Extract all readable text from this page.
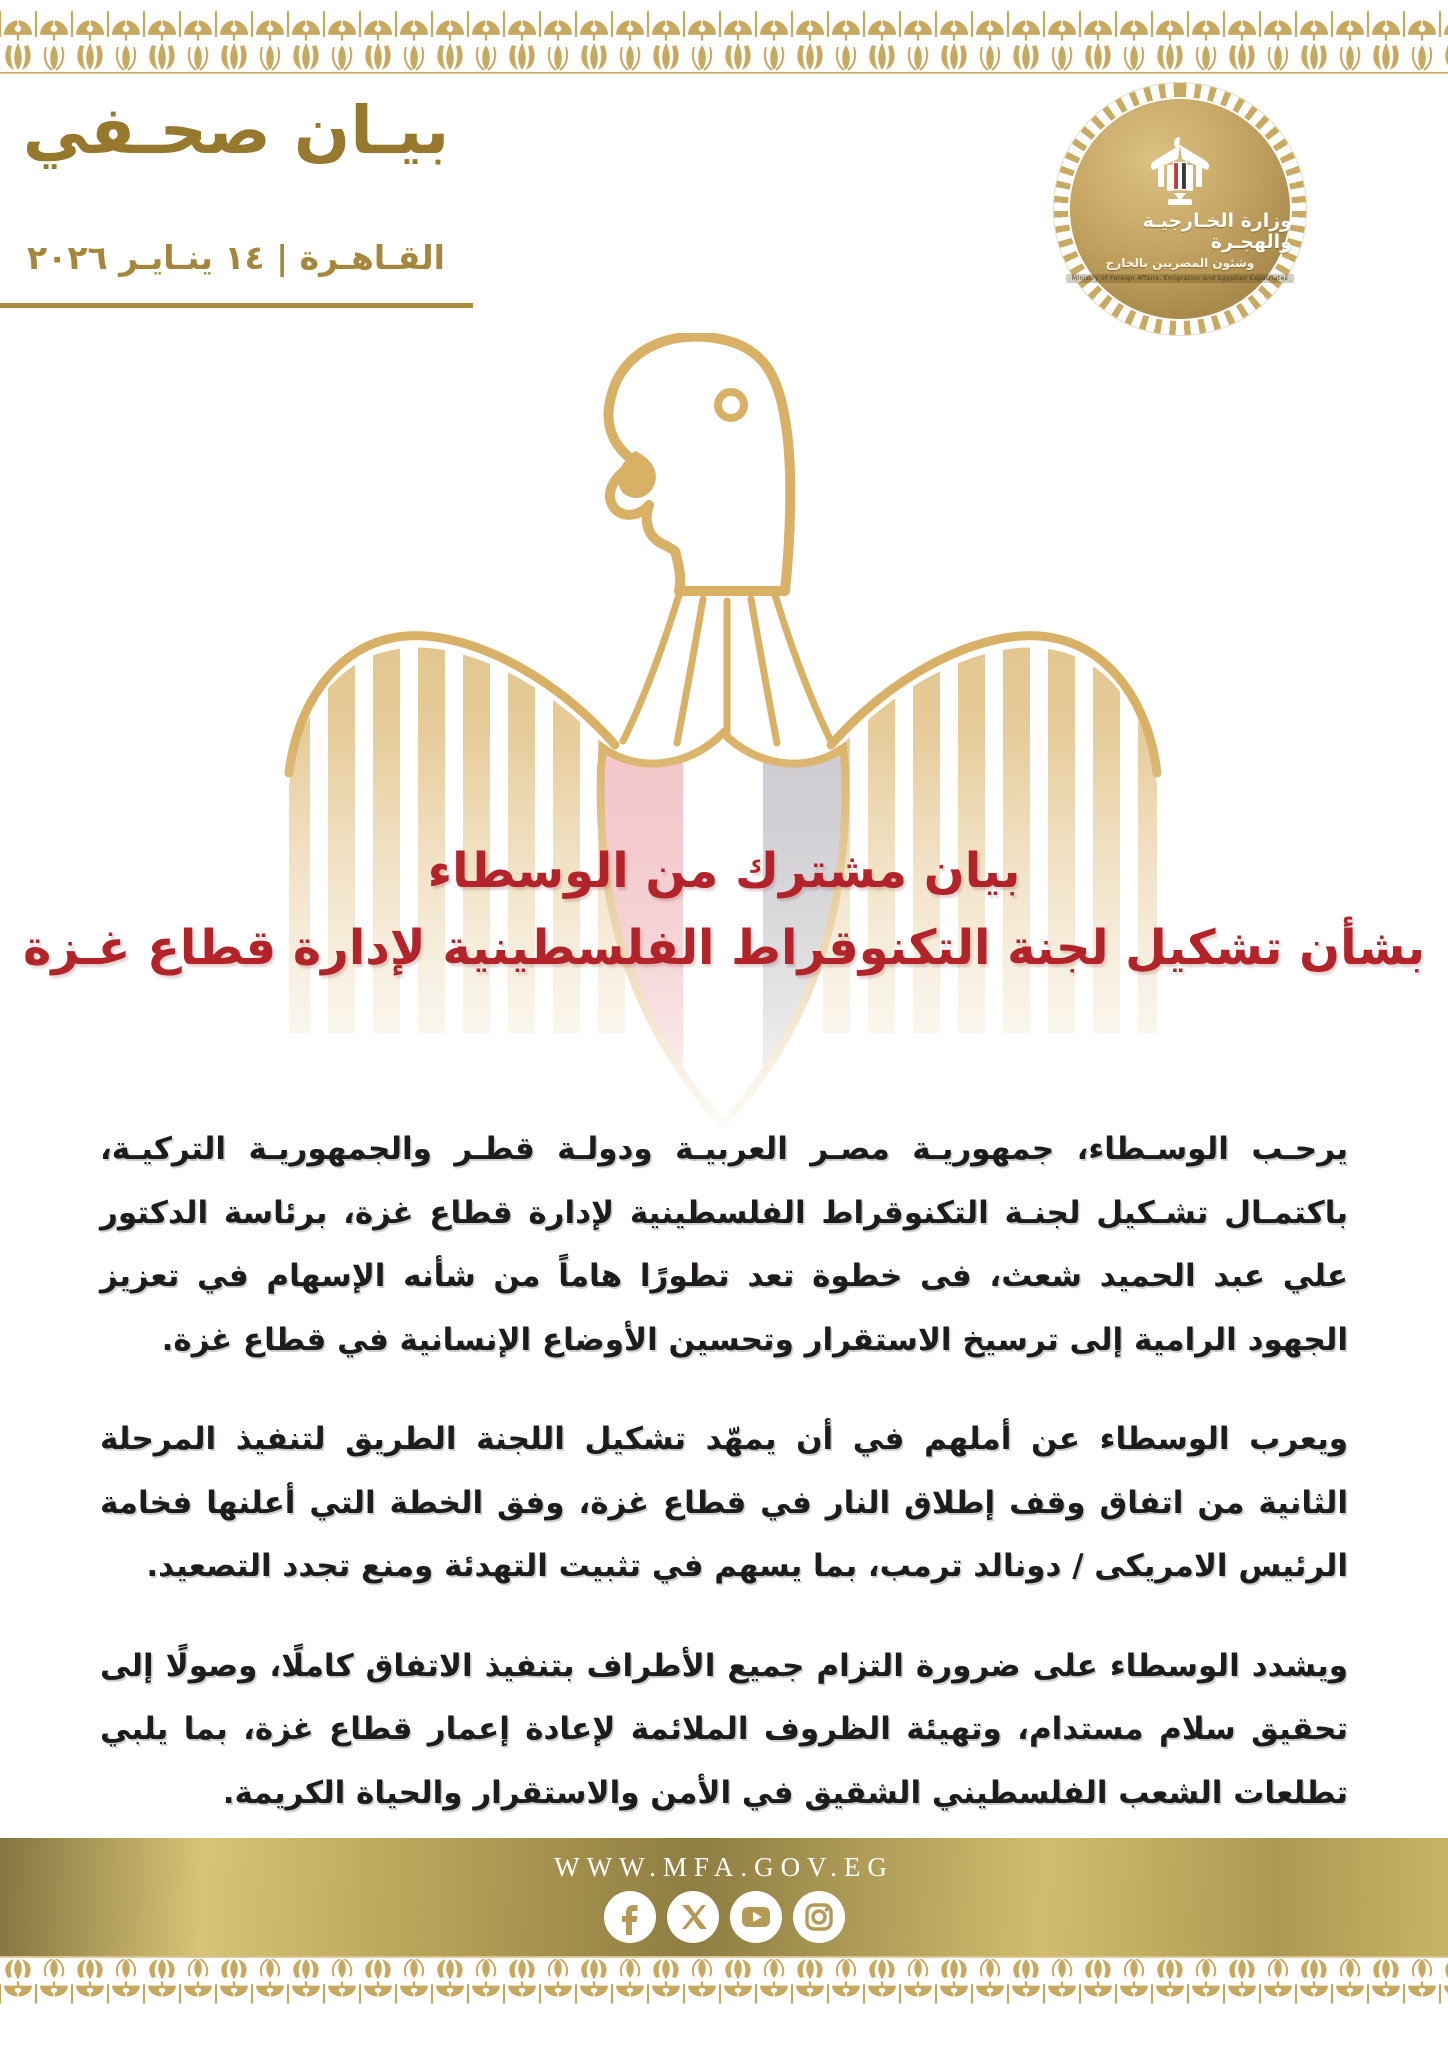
بيـان صحـفي
القـاهـرة | ١٤ ينـايـر ٢٠٢٦
وزارة الخـارجيـة والهجـرة
وشئون المصريين بالخارج
Ministry of Foreign Affairs, Emigration and Egyptian Expatriates
بيان مشترك من الوسطاء
بشأن تشكيل لجنة التكنوقراط الفلسطينية لإدارة قطاع غـزة

يرحـب الوسـطاء، جمهوريـة مصـر العربيـة ودولـة قطـر والجمهوريـة التركيـة، باكتمـال تشـكيل لجنـة التكنوقراط الفلسطينية لإدارة قطاع غزة، برئاسة الدكتور علي عبد الحميد شعث، فى خطوة تعد تطورًا هاماً من شأنه الإسهام في تعزيز الجهود الرامية إلى ترسيخ الاستقرار وتحسين الأوضاع الإنسانية في قطاع غزة.

ويعرب الوسطاء عن أملهم في أن يمهّد تشكيل اللجنة الطريق لتنفيذ المرحلة الثانية من اتفاق وقف إطلاق النار في قطاع غزة، وفق الخطة التي أعلنها فخامة الرئيس الامريكى / دونالد ترمب، بما يسهم في تثبيت التهدئة ومنع تجدد التصعيد.

ويشدد الوسطاء على ضرورة التزام جميع الأطراف بتنفيذ الاتفاق كاملًا، وصولًا إلى تحقيق سلام مستدام، وتهيئة الظروف الملائمة لإعادة إعمار قطاع غزة، بما يلبي تطلعات الشعب الفلسطيني الشقيق في الأمن والاستقرار والحياة الكريمة.

WWW.MFA.GOV.EG
